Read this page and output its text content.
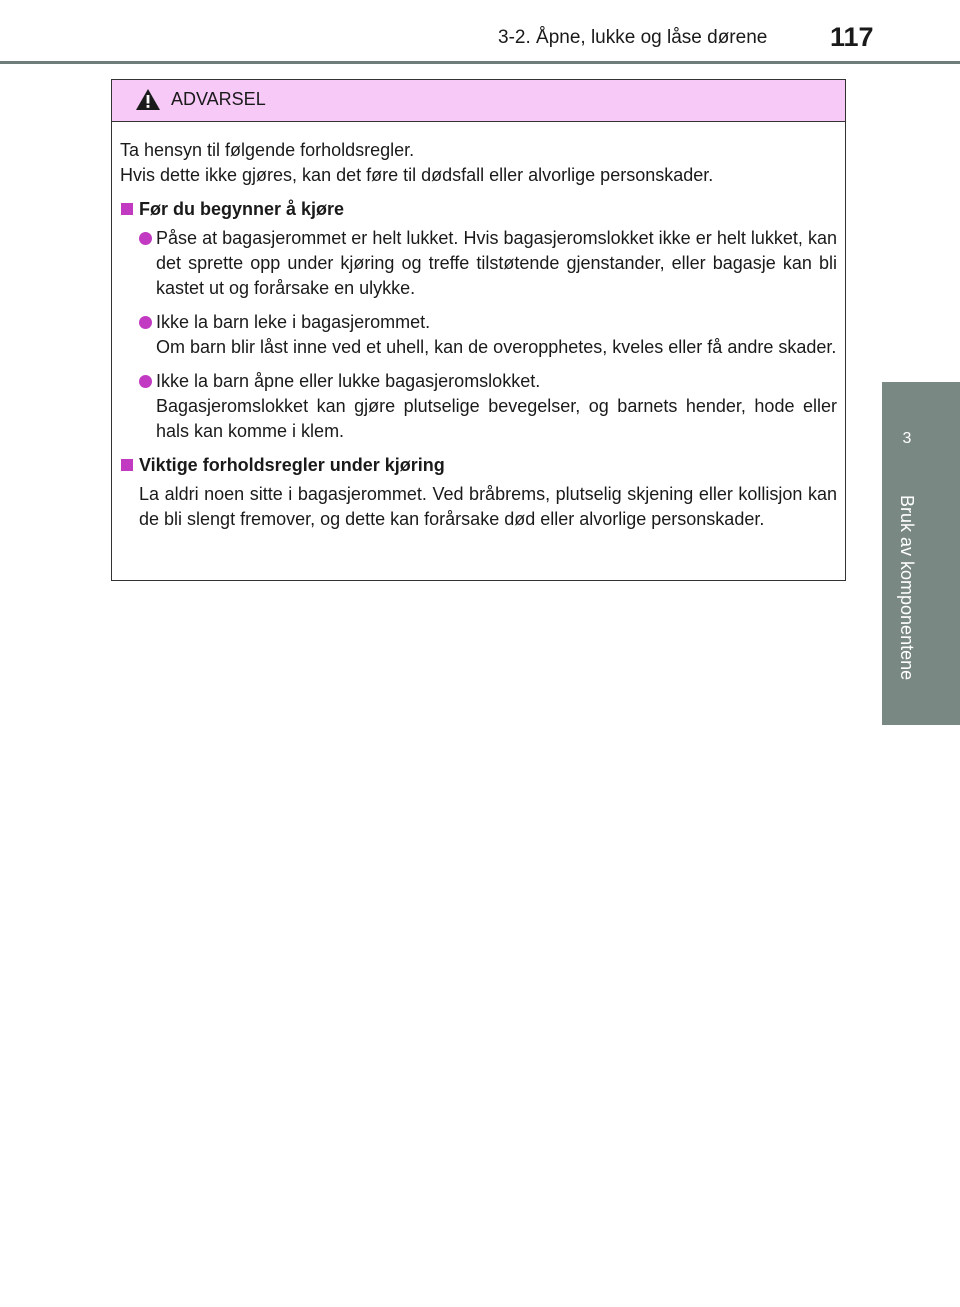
3-2. Åpne, lukke og låse dørene 117
3
Bruk av komponentene
ADVARSEL

Ta hensyn til følgende forholdsregler.

Hvis dette ikke gjøres, kan det føre til dødsfall eller alvorlige personskader.

Før du begynner å kjøre

Påse at bagasjerommet er helt lukket. Hvis bagasjeromslokket ikke er helt lukket, kan det sprette opp under kjøring og treffe tilstøtende gjenstander, eller bagasje kan bli kastet ut og forårsake en ulykke.

Ikke la barn leke i bagasjerommet.

Om barn blir låst inne ved et uhell, kan de overopphetes, kveles eller få andre skader.

Ikke la barn åpne eller lukke bagasjeromslokket.

Bagasjeromslokket kan gjøre plutselige bevegelser, og barnets hender, hode eller hals kan komme i klem.

Viktige forholdsregler under kjøring

La aldri noen sitte i bagasjerommet. Ved bråbrems, plutselig skjening eller kollisjon kan de bli slengt fremover, og dette kan forårsake død eller alvorlige personskader.
